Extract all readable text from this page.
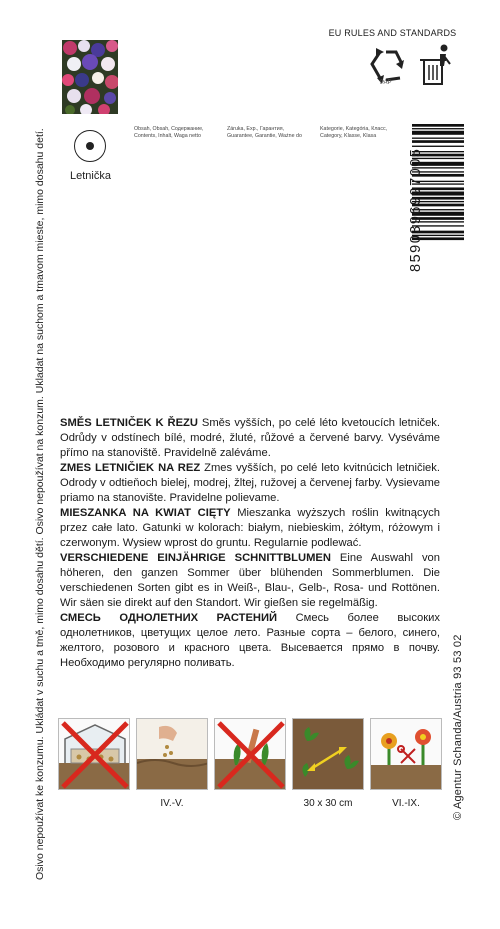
Osivo nepoužívat ke konzumu. Ukládat v suchu a tmě, mimo dosahu dětí. Osivo nepoužívat na konzum. Ukladat na suchom a tmavom mieste, mimo dosahu detí.	© Agentur Schanda/Austria 93 53 02
Letnička
Obsah, Obsah, Содержание,	Záruka, Exp., Гарантия,	Kategorie, Kategória, Класс,
Contents, Inhalt, Waga netto	Guarantee, Garantie, Ważne do	Category, Klasse, Klasa
EU RULES AND STANDARDS
PAP
8590396997005

SMĚS LETNIČEK K ŘEZU Směs vyšších, po celé léto kvetoucích letniček. Odrůdy v odstínech bílé, modré, žluté, růžové a červené barvy. Vyséváme přímo na stanoviště. Pravidelně zaléváme.

ZMES LETNIČIEK NA REZ Zmes vyšších, po celé leto kvitnúcich letničiek. Odrody v odtieňoch bielej, modrej, žltej, ružovej a červenej farby. Vysievame priamo na stanovište. Pravidelne polievame.

MIESZANKA NA KWIAT CIĘTY Mieszanka wyższych roślin kwitnących przez całe lato. Gatunki w kolorach: białym, niebieskim, żółtym, różowym i czerwonym. Wysiew wprost do gruntu. Regularnie podlewać.

VERSCHIEDENE EINJÄHRIGE SCHNITTBLUMEN Eine Auswahl von höheren, den ganzen Sommer über blühenden Sommerblumen. Die verschiedenen Sorten gibt es in Weiß-, Blau-, Gelb-, Rosa- und Rottönen. Wir säen sie direkt auf den Standort. Wir gießen sie regelmäßig.

СМЕСЬ ОДНОЛЕТНИХ РАСТЕНИЙ Смесь более высоких однолетников, цветущих целое лето. Разные сорта – белого, синего, желтого, розового и красного цвета. Высевается прямо в почву. Необходимо регулярно поливать.

IV.-V.	30 x 30 cm	VI.-IX.
